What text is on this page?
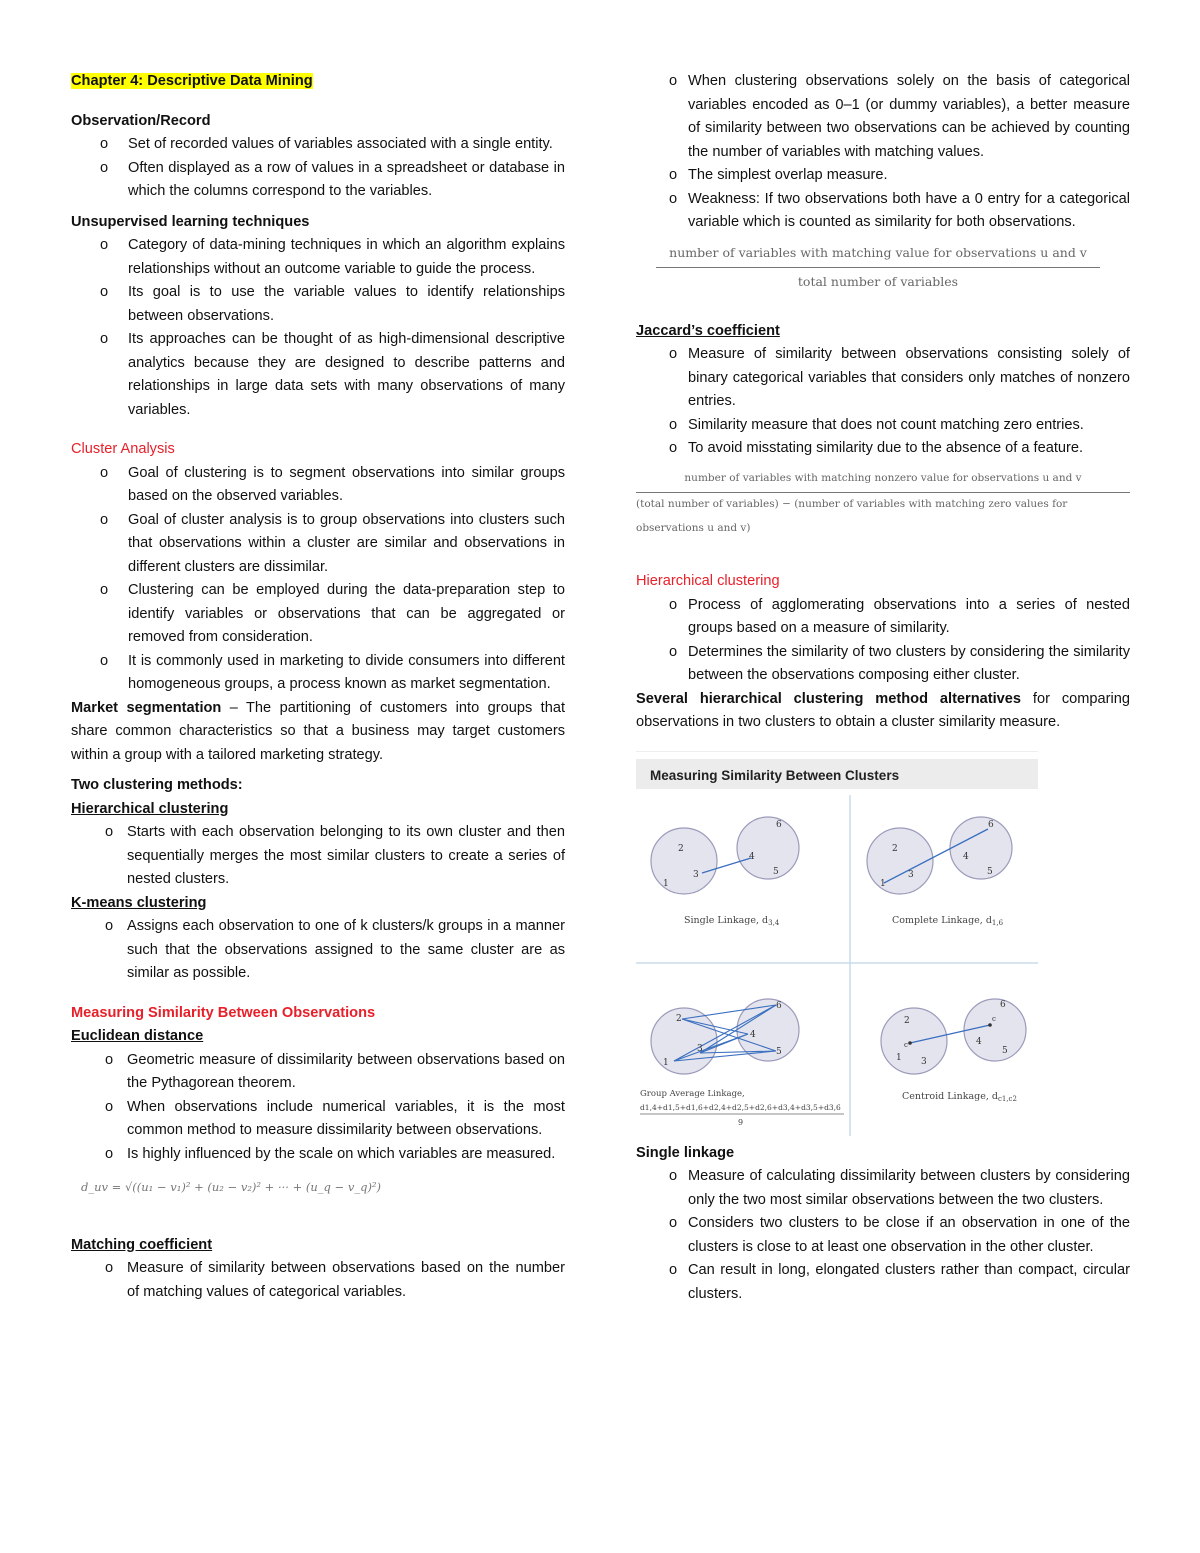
Chapter 4: Descriptive Data Mining

Observation/Record

o Set of recorded values of variables associated with a single entity.
o Often displayed as a row of values in a spreadsheet or database in which the columns correspond to the variables.

Unsupervised learning techniques

o Category of data-mining techniques in which an algorithm explains relationships without an outcome variable to guide the process.
o Its goal is to use the variable values to identify relationships between observations.
o Its approaches can be thought of as high-dimensional descriptive analytics because they are designed to describe patterns and relationships in large data sets with many observations of many variables.

Cluster Analysis

o Goal of clustering is to segment observations into similar groups based on the observed variables.
o Goal of cluster analysis is to group observations into clusters such that observations within a cluster are similar and observations in different clusters are dissimilar.
o Clustering can be employed during the data-preparation step to identify variables or observations that can be aggregated or removed from consideration.
o It is commonly used in marketing to divide consumers into different homogeneous groups, a process known as market segmentation.

Market segmentation – The partitioning of customers into groups that share common characteristics so that a business may target customers within a group with a tailored marketing strategy.

Two clustering methods:

Hierarchical clustering

o Starts with each observation belonging to its own cluster and then sequentially merges the most similar clusters to create a series of nested clusters.

K-means clustering

o Assigns each observation to one of k clusters/k groups in a manner such that the observations assigned to the same cluster are as similar as possible.

Measuring Similarity Between Observations

Euclidean distance

o Geometric measure of dissimilarity between observations based on the Pythagorean theorem.
o When observations include numerical variables, it is the most common method to measure dissimilarity between observations.
o Is highly influenced by the scale on which variables are measured.
d_uv = √((u₁ − v₁)² + (u₂ − v₂)² + ··· + (u_q − v_q)²)

Matching coefficient

o Measure of similarity between observations based on the number of matching values of categorical variables.
o When clustering observations solely on the basis of categorical variables encoded as 0–1 (or dummy variables), a better measure of similarity between two observations can be achieved by counting the number of variables with matching values.
o The simplest overlap measure.
o Weakness: If two observations both have a 0 entry for a categorical variable which is counted as similarity for both observations.
number of variables with matching value for observations u and v
total number of variables

Jaccard’s coefficient

o Measure of similarity between observations consisting solely of binary categorical variables that considers only matches of nonzero entries.
o Similarity measure that does not count matching zero entries.
o To avoid misstating similarity due to the absence of a feature.
number of variables with matching nonzero value for observations u and v
(total number of variables) − (number of variables with matching zero values for observations u and v)

Hierarchical clustering

o Process of agglomerating observations into a series of nested groups based on a measure of similarity.
o Determines the similarity of two clusters by considering the similarity between the observations composing either cluster.

Several hierarchical clustering method alternatives for comparing observations in two clusters to obtain a cluster similarity measure.

Measuring Similarity Between Clusters
2
1
3
6
4
5
Single Linkage, $d_{3,4}$
2
1
3
6
4
5
Complete Linkage, $d_{1,6}$
2
1
3
6
4
5
Group Average Linkage,
d1,4+d1,5+d1,6+d2,4+d2,5+d2,6+d3,4+d3,5+d3,6
9
2
1 3
6
4
5
c
c
Centroid Linkage, $d_{c1,c2}$

Single linkage

o Measure of calculating dissimilarity between clusters by considering only the two most similar observations between the two clusters.
o Considers two clusters to be close if an observation in one of the clusters is close to at least one observation in the other cluster.
o Can result in long, elongated clusters rather than compact, circular clusters.
